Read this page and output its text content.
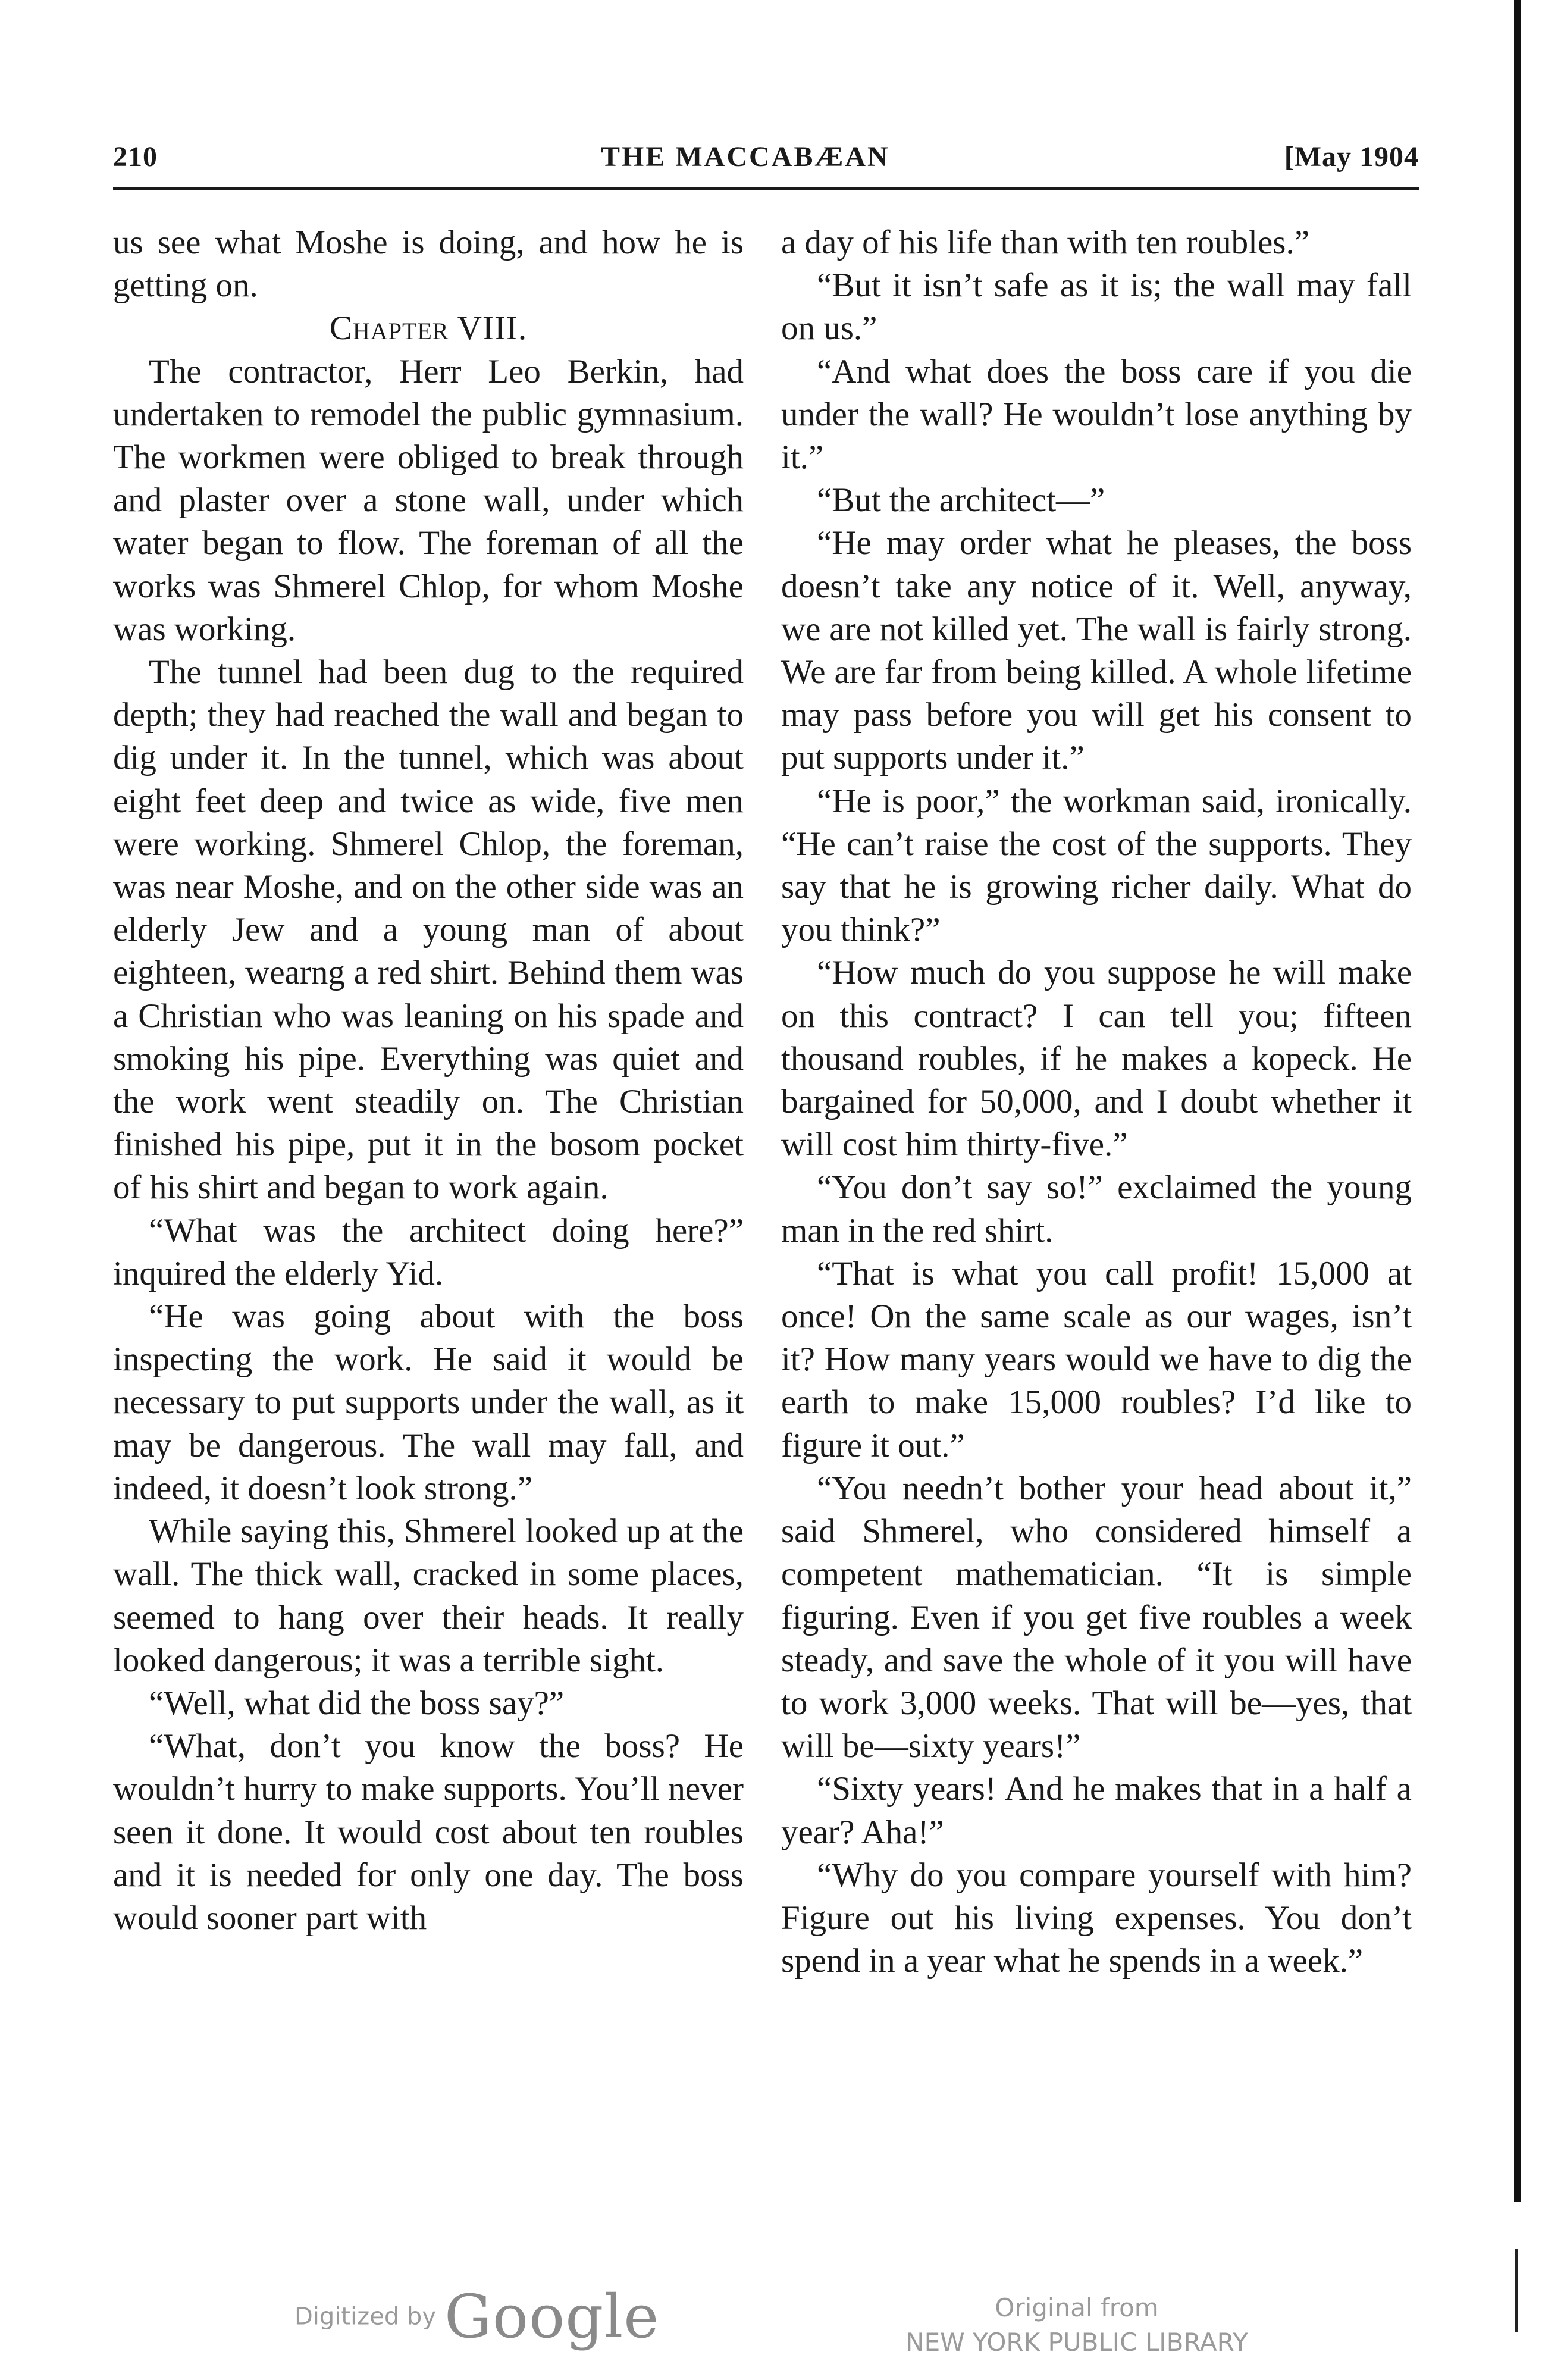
210	THE MACCABÆAN	[May 1904

us see what Moshe is doing, and how he is getting on.

Chapter VIII.

The contractor, Herr Leo Berkin, had undertaken to remodel the public gymnasium. The workmen were obliged to break through and plaster over a stone wall, under which water began to flow. The foreman of all the works was Shmerel Chlop, for whom Moshe was working.

The tunnel had been dug to the required depth; they had reached the wall and began to dig under it. In the tunnel, which was about eight feet deep and twice as wide, five men were working. Shmerel Chlop, the foreman, was near Moshe, and on the other side was an elderly Jew and a young man of about eighteen, wearng a red shirt. Behind them was a Christian who was leaning on his spade and smoking his pipe. Everything was quiet and the work went steadily on. The Christian finished his pipe, put it in the bosom pocket of his shirt and began to work again.

“What was the architect doing here?” inquired the elderly Yid.

“He was going about with the boss inspecting the work. He said it would be necessary to put supports under the wall, as it may be dangerous. The wall may fall, and indeed, it doesn’t look strong.”

While saying this, Shmerel looked up at the wall. The thick wall, cracked in some places, seemed to hang over their heads. It really looked dangerous; it was a terrible sight.

“Well, what did the boss say?”

“What, don’t you know the boss? He wouldn’t hurry to make supports. You’ll never seen it done. It would cost about ten roubles and it is needed for only one day. The boss would sooner part with

a day of his life than with ten roubles.”

“But it isn’t safe as it is; the wall may fall on us.”

“And what does the boss care if you die under the wall? He wouldn’t lose anything by it.”

“But the architect—”

“He may order what he pleases, the boss doesn’t take any notice of it. Well, anyway, we are not killed yet. The wall is fairly strong. We are far from being killed. A whole lifetime may pass before you will get his consent to put supports under it.”

“He is poor,” the workman said, ironically. “He can’t raise the cost of the supports. They say that he is growing richer daily. What do you think?”

“How much do you suppose he will make on this contract? I can tell you; fifteen thousand roubles, if he makes a kopeck. He bargained for 50,000, and I doubt whether it will cost him thirty-five.”

“You don’t say so!” exclaimed the young man in the red shirt.

“That is what you call profit! 15,000 at once! On the same scale as our wages, isn’t it? How many years would we have to dig the earth to make 15,000 roubles? I’d like to figure it out.”

“You needn’t bother your head about it,” said Shmerel, who considered himself a competent mathematician. “It is simple figuring. Even if you get five roubles a week steady, and save the whole of it you will have to work 3,000 weeks. That will be—yes, that will be—sixty years!”

“Sixty years! And he makes that in a half a year? Aha!”

“Why do you compare yourself with him? Figure out his living expenses. You don’t spend in a year what he spends in a week.”

Digitized by Google	Original from
NEW YORK PUBLIC LIBRARY
